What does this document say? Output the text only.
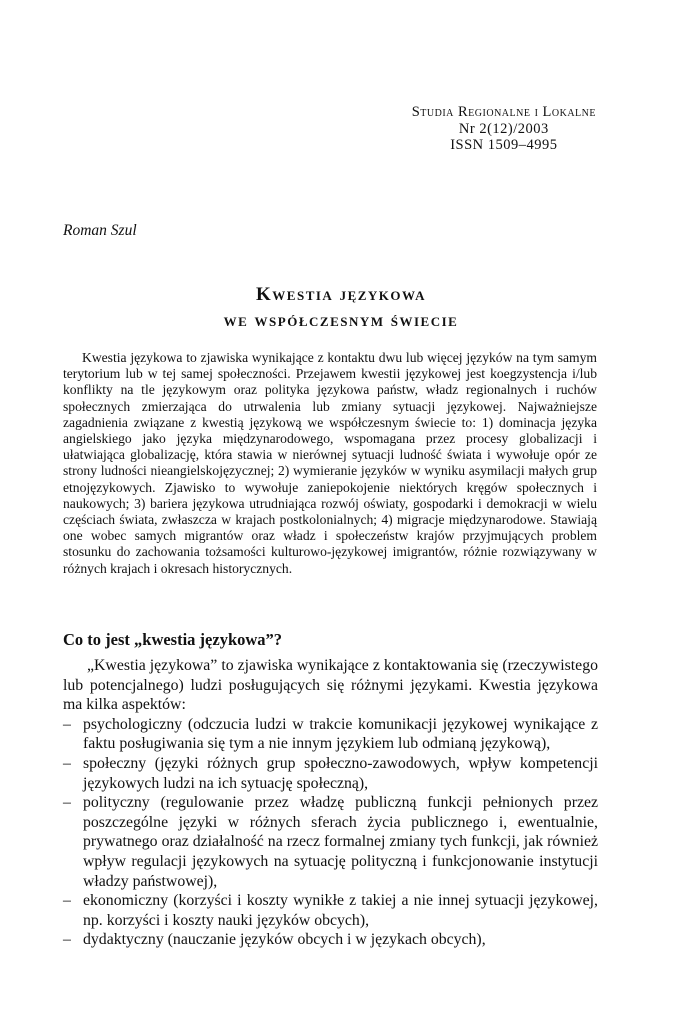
Studia Regionalne i Lokalne
Nr 2(12)/2003
ISSN 1509–4995
Roman Szul
Kwestia językowa
we współczesnym świecie

Kwestia językowa to zjawiska wynikające z kontaktu dwu lub więcej języków na tym samym terytorium lub w tej samej społeczności. Przejawem kwestii językowej jest koegzystencja i/lub konflikty na tle językowym oraz polityka językowa państw, władz regionalnych i ruchów społecznych zmierzająca do utrwalenia lub zmiany sytuacji językowej. Najważniejsze zagadnienia związane z kwestią językową we współczesnym świecie to: 1) dominacja języka angielskiego jako języka międzynarodowego, wspomagana przez procesy globalizacji i ułatwiająca globalizację, która stawia w nierównej sytuacji ludność świata i wywołuje opór ze strony ludności nieangielskojęzycznej; 2) wymieranie języków w wyniku asymilacji małych grup etnojęzykowych. Zjawisko to wywołuje zaniepokojenie niektórych kręgów społecznych i naukowych; 3) bariera językowa utrudniająca rozwój oświaty, gospodarki i demokracji w wielu częściach świata, zwłaszcza w krajach postkolonialnych; 4) migracje międzynarodowe. Stawiają one wobec samych migrantów oraz władz i społeczeństw krajów przyjmujących problem stosunku do zachowania tożsamości kulturowo-językowej imigrantów, różnie rozwiązywany w różnych krajach i okresach historycznych.

Co to jest „kwestia językowa”?

„Kwestia językowa” to zjawiska wynikające z kontaktowania się (rzeczywistego lub potencjalnego) ludzi posługujących się różnymi językami. Kwestia językowa ma kilka aspektów:

– psychologiczny (odczucia ludzi w trakcie komunikacji językowej wynikające z faktu posługiwania się tym a nie innym językiem lub odmianą językową),
– społeczny (języki różnych grup społeczno-zawodowych, wpływ kompetencji językowych ludzi na ich sytuację społeczną),
– polityczny (regulowanie przez władzę publiczną funkcji pełnionych przez poszczególne języki w różnych sferach życia publicznego i, ewentualnie, prywatnego oraz działalność na rzecz formalnej zmiany tych funkcji, jak również wpływ regulacji językowych na sytuację polityczną i funkcjonowanie instytucji władzy państwowej),
– ekonomiczny (korzyści i koszty wynikłe z takiej a nie innej sytuacji językowej, np. korzyści i koszty nauki języków obcych),
– dydaktyczny (nauczanie języków obcych i w językach obcych),
